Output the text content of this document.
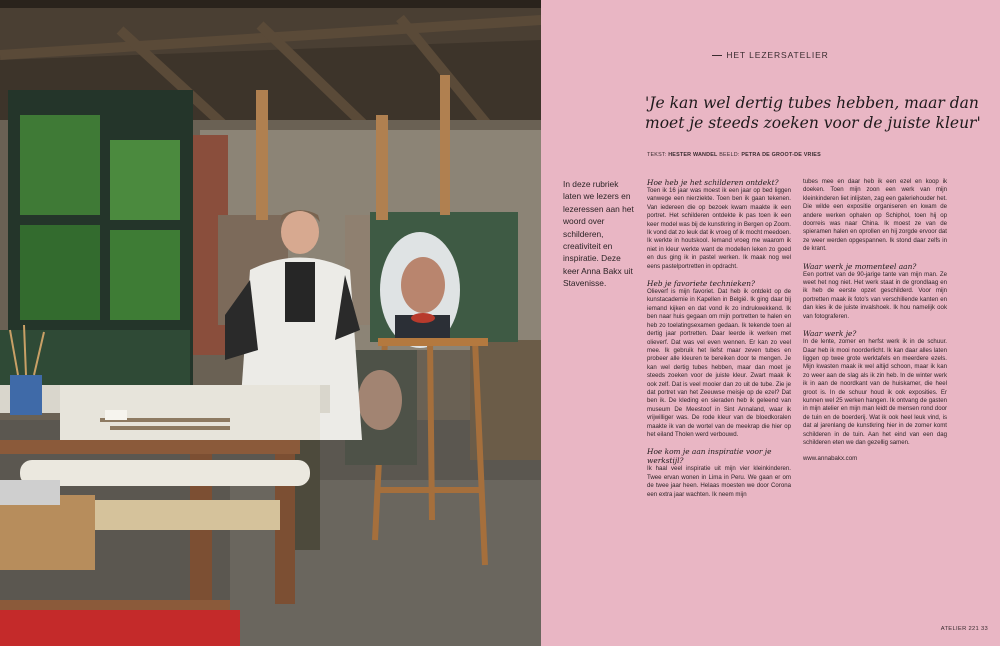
HET LEZERSATELIER
'Je kan wel dertig tubes hebben, maar dan moet je steeds zoeken voor de juiste kleur'
TEKST: HESTER WANDEL BEELD: PETRA DE GROOT-DE VRIES
In deze rubriek laten we lezers en lezeressen aan het woord over schilderen, creativiteit en inspiratie. Deze keer Anna Bakx uit Stavenisse.

Hoe heb je het schilderen ontdekt?

Toen ik 16 jaar was moest ik een jaar op bed liggen vanwege een nierziekte. Toen ben ik gaan tekenen. Van iedereen die op bezoek kwam maakte ik een portret. Het schilderen ontdekte ik pas toen ik een keer model was bij de kunstkring in Bergen op Zoom. Ik vond dat zo leuk dat ik vroeg of ik mocht meedoen. Ik werkte in houtskool. Iemand vroeg me waarom ik niet in kleur werkte want de modellen leken zo goed en dus ging ik in pastel werken. Ik maak nog wel eens pastelportretten in opdracht.

Heb je favoriete technieken?

Olieverf is mijn favoriet. Dat heb ik ontdekt op de kunstacademie in Kapellen in België. Ik ging daar bij iemand kijken en dat vond ik zo indrukwekkend. Ik ben naar huis gegaan om mijn portretten te halen en heb zo toelatingsexamen gedaan. Ik tekende toen al dertig jaar portretten. Daar leerde ik werken met olieverf. Dat was vel even wennen. Er kan zo veel mee. Ik gebruik het liefst maar zeven tubes en probeer alle kleuren te bereiken door te mengen. Je kan wel dertig tubes hebben, maar dan moet je steeds zoeken voor de juiste kleur. Zwart maak ik ook zelf. Dat is veel mooier dan zo uit de tube. Zie je dat portret van het Zeeuwse meisje op de ezel? Dat ben ik. De kleding en sieraden heb ik geleend van museum De Meestoof in Sint Annaland, waar ik vrijwilliger was. De rode kleur van de bloedkoralen maakte ik van de wortel van de meekrap die hier op het eiland Tholen werd verbouwd.

Hoe kom je aan inspiratie voor je werkstijl?

Ik haal veel inspiratie uit mijn vier kleinkinderen. Twee ervan wonen in Lima in Peru. We gaan er om de twee jaar heen. Helaas moesten we door Corona een extra jaar wachten. Ik neem mijn

tubes mee en daar heb ik een ezel en koop ik doeken. Toen mijn zoon een werk van mijn kleinkinderen liet inlijsten, zag een galeriehouder het. Die wilde een expositie organiseren en kwam de andere werken ophalen op Schiphol, toen hij op doorreis was naar China. Ik moest ze van de spieramen halen en oprollen en hij zorgde ervoor dat ze weer werden opgespannen. Ik stond daar zelfs in de krant.

Waar werk je momenteel aan?

Een portret van de 90-jarige tante van mijn man. Ze weet het nog niet. Het werk staat in de grondlaag en ik heb de eerste opzet geschilderd. Voor mijn portretten maak ik foto's van verschillende kanten en dan kies ik de juiste invalshoek. Ik hou namelijk ook van fotograferen.

Waar werk je?

In de lente, zomer en herfst werk ik in de schuur. Daar heb ik mooi noorderlicht. Ik kan daar alles laten liggen op twee grote werktafels en meerdere ezels. Mijn kwasten maak ik wel altijd schoon, maar ik kan zo weer aan de slag als ik zin heb. In de winter werk ik in aan de noordkant van de huiskamer, die heel groot is. In de schuur houd ik ook exposities. Er kunnen wel 25 werken hangen. Ik ontvang de gasten in mijn atelier en mijn man leidt de mensen rond door de tuin en de boerderij. Wat ik ook heel leuk vind, is dat al jarenlang de kunstkring hier in de zomer komt schilderen in de tuin. Aan het eind van een dag schilderen eten we dan gezellig samen.

www.annabakx.com
ATELIER 221 33
